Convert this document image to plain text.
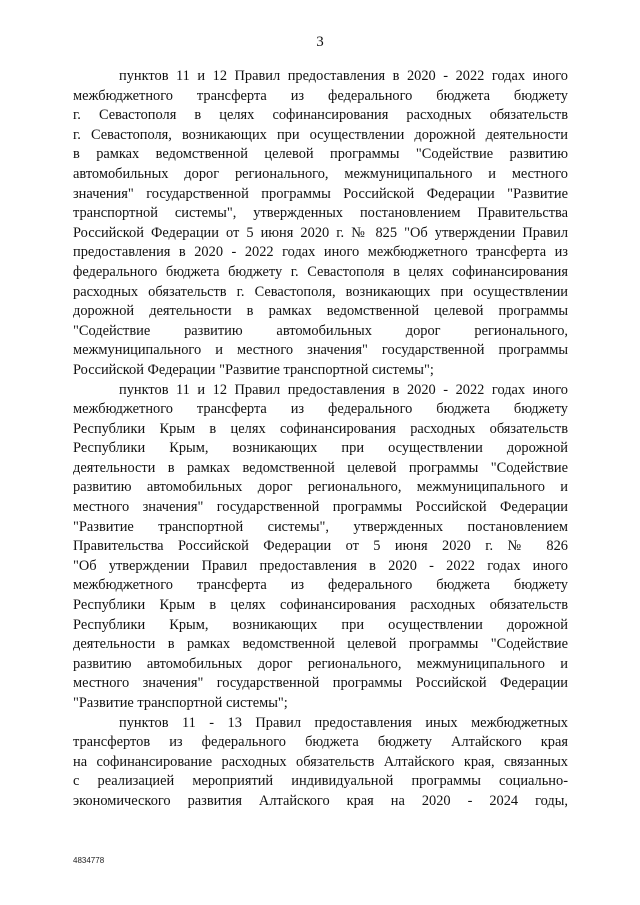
3
пунктов 11 и 12 Правил предоставления в 2020 - 2022 годах иного
межбюджетного трансферта из федерального бюджета бюджету
г. Севастополя в целях софинансирования расходных обязательств
г. Севастополя, возникающих при осуществлении дорожной деятельности
в рамках ведомственной целевой программы "Содействие развитию
автомобильных дорог регионального, межмуниципального и местного
значения" государственной программы Российской Федерации "Развитие
транспортной системы", утвержденных постановлением Правительства
Российской Федерации от 5 июня 2020 г. № 825 "Об утверждении Правил
предоставления в 2020 - 2022 годах иного межбюджетного трансферта из
федерального бюджета бюджету г. Севастополя в целях софинансирования
расходных обязательств г. Севастополя, возникающих при осуществлении
дорожной деятельности в рамках ведомственной целевой программы
"Содействие развитию автомобильных дорог регионального,
межмуниципального и местного значения" государственной программы
Российской Федерации "Развитие транспортной системы";
пунктов 11 и 12 Правил предоставления в 2020 - 2022 годах иного
межбюджетного трансферта из федерального бюджета бюджету
Республики Крым в целях софинансирования расходных обязательств
Республики Крым, возникающих при осуществлении дорожной
деятельности в рамках ведомственной целевой программы "Содействие
развитию автомобильных дорог регионального, межмуниципального и
местного значения" государственной программы Российской Федерации
"Развитие транспортной системы", утвержденных постановлением
Правительства Российской Федерации от 5 июня 2020 г. № 826
"Об утверждении Правил предоставления в 2020 - 2022 годах иного
межбюджетного трансферта из федерального бюджета бюджету
Республики Крым в целях софинансирования расходных обязательств
Республики Крым, возникающих при осуществлении дорожной
деятельности в рамках ведомственной целевой программы "Содействие
развитию автомобильных дорог регионального, межмуниципального и
местного значения" государственной программы Российской Федерации
"Развитие транспортной системы";
пунктов 11 - 13 Правил предоставления иных межбюджетных
трансфертов из федерального бюджета бюджету Алтайского края
на софинансирование расходных обязательств Алтайского края, связанных
с реализацией мероприятий индивидуальной программы социально-
экономического развития Алтайского края на 2020 - 2024 годы,
4834778
